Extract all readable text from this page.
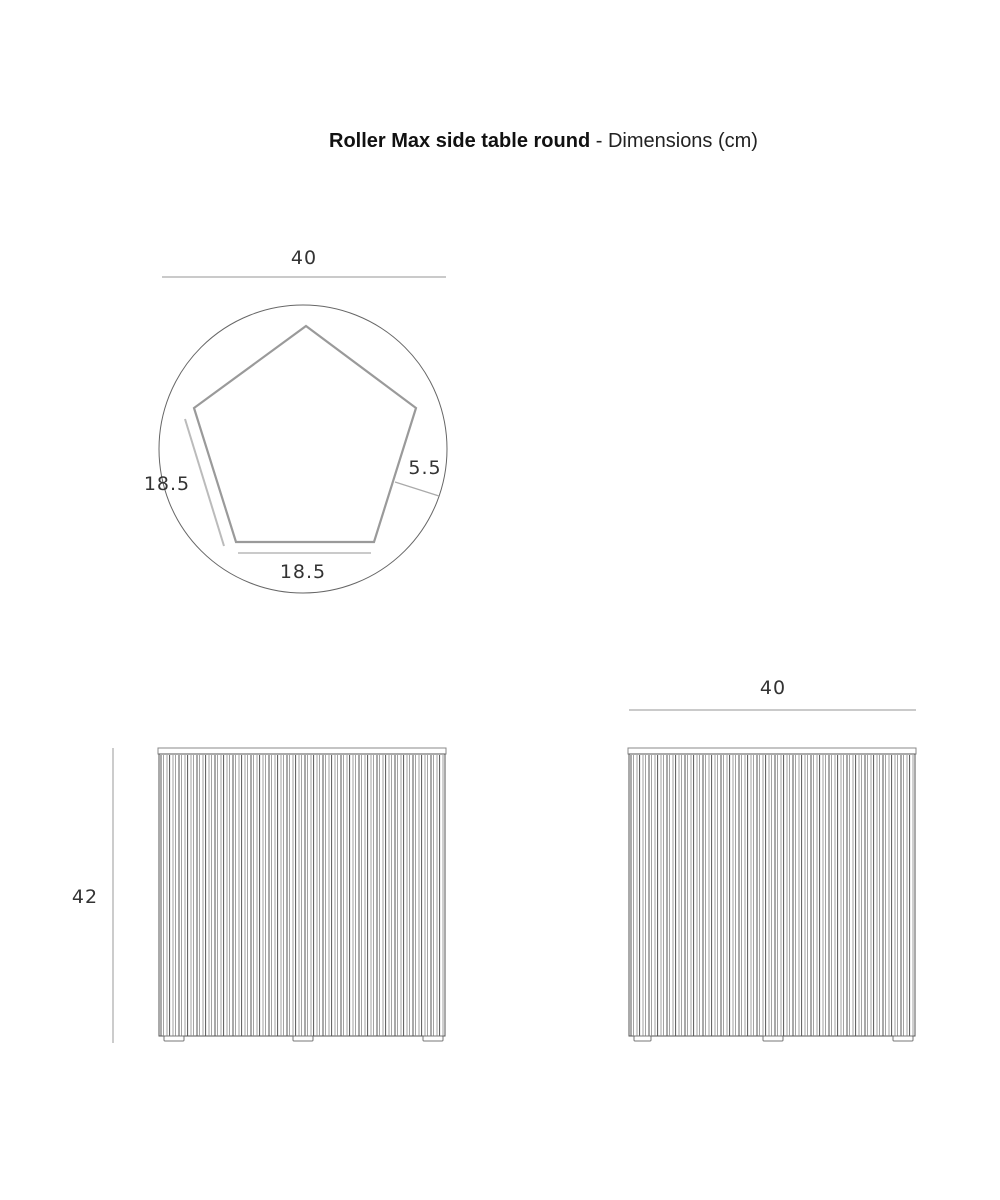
Roller Max side table round - Dimensions (cm)
40
18.5
18.5
5.5
42
40
